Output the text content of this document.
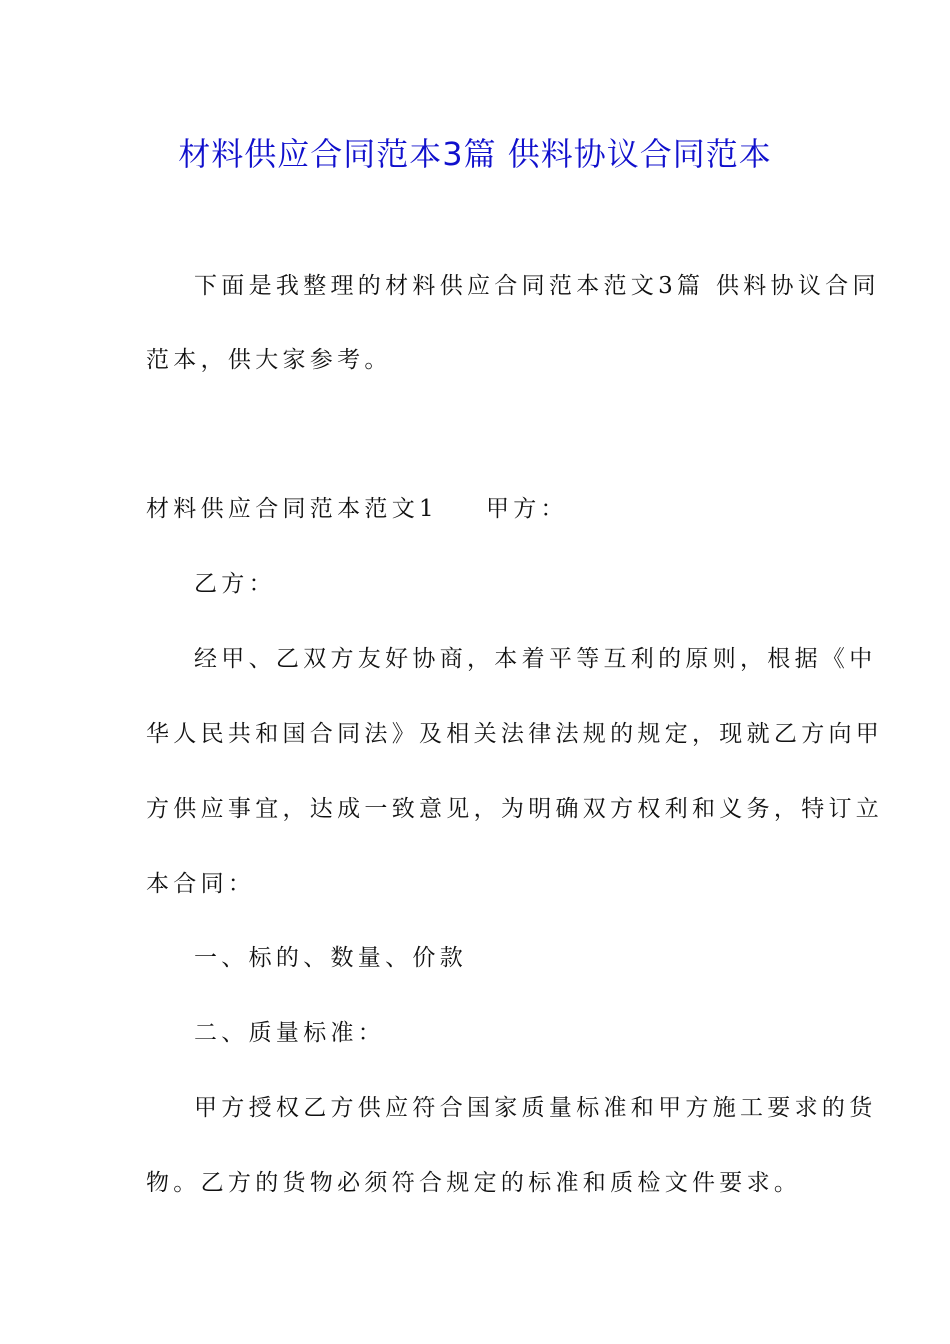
材料供应合同范本3篇 供料协议合同范本
下面是我整理的材料供应合同范本范文3篇 供料协议合同
范本，供大家参考。
材料供应合同范本范文1 甲方：
乙方：
经甲、乙双方友好协商，本着平等互利的原则，根据《中
华人民共和国合同法》及相关法律法规的规定，现就乙方向甲
方供应事宜，达成一致意见，为明确双方权利和义务，特订立
本合同：
一、标的、数量、价款
二、质量标准：
甲方授权乙方供应符合国家质量标准和甲方施工要求的货
物。乙方的货物必须符合规定的标准和质检文件要求。
